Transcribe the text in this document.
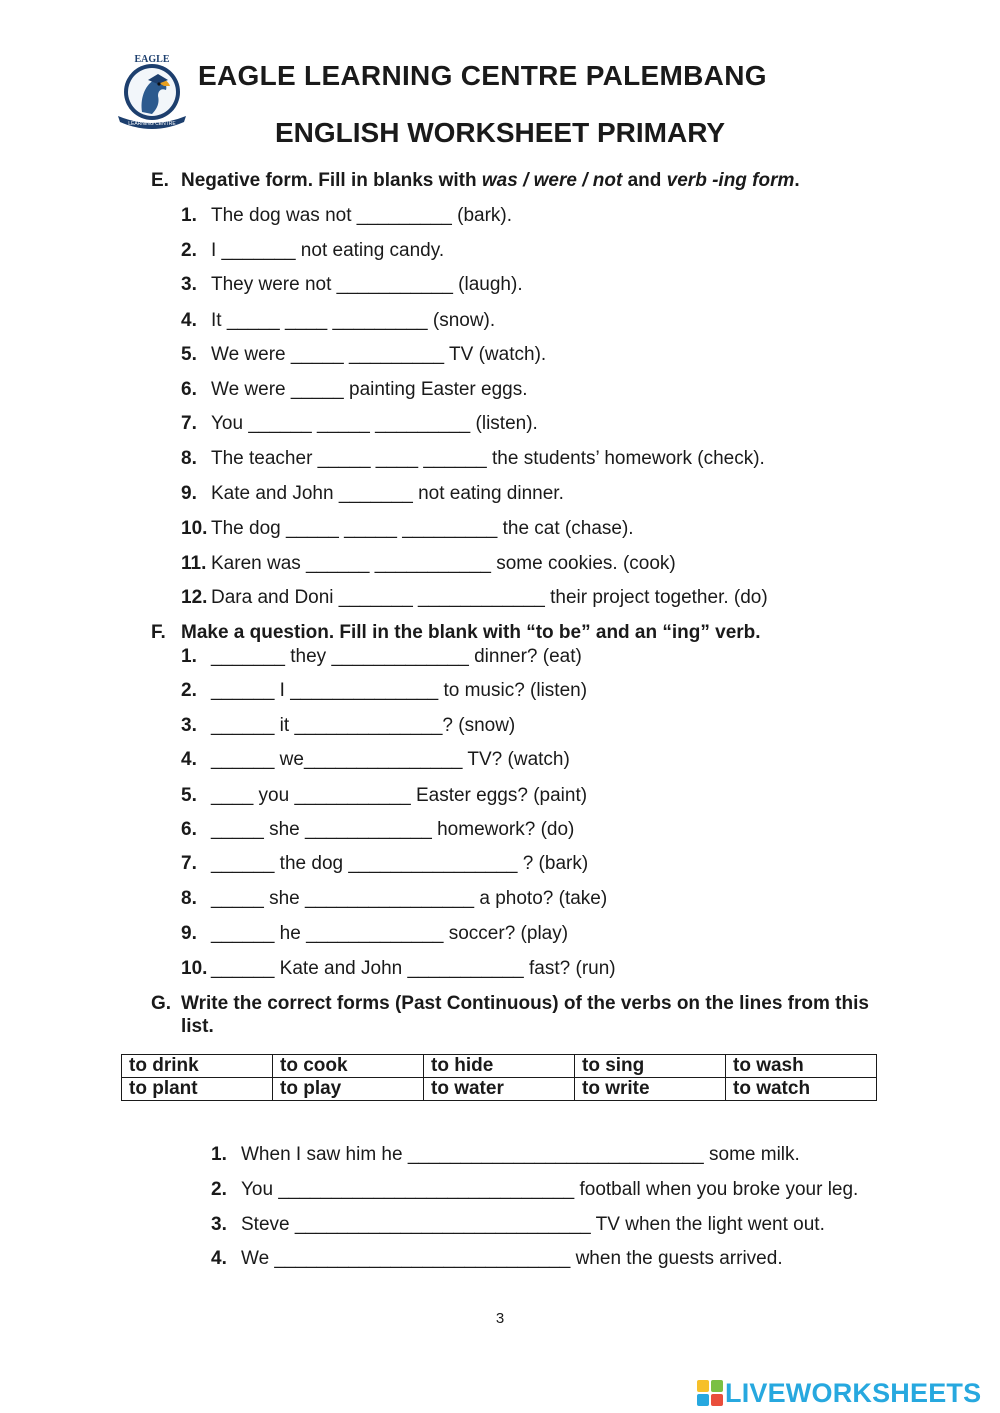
EAGLE
LEARNING CENTRE
EAGLE LEARNING CENTRE PALEMBANG
ENGLISH WORKSHEET PRIMARY
E. Negative form. Fill in blanks with was / were / not and verb -ing form.
1. The dog was not _________ (bark).
2. I _______ not eating candy.
3. They were not ___________ (laugh).
4. It _____ ____ _________ (snow).
5. We were _____ _________ TV (watch).
6. We were _____ painting Easter eggs.
7. You ______ _____ _________ (listen).
8. The teacher _____ ____ ______ the students’ homework (check).
9. Kate and John _______ not eating dinner.
10. The dog _____ _____ _________ the cat (chase).
11. Karen was ______ ___________ some cookies. (cook)
12. Dara and Doni _______ ____________ their project together. (do)
F. Make a question. Fill in the blank with “to be” and an “ing” verb.
1. _______ they _____________ dinner? (eat)
2. ______ I ______________ to music? (listen)
3. ______ it ______________? (snow)
4. ______ we_______________ TV? (watch)
5. ____ you ___________ Easter eggs? (paint)
6. _____ she ____________ homework? (do)
7. ______ the dog ________________ ? (bark)
8. _____ she ________________ a photo? (take)
9. ______ he _____________ soccer? (play)
10. ______ Kate and John ___________ fast? (run)
G. Write the correct forms (Past Continuous) of the verbs on the lines from this list.
to drink	to cook	to hide	to sing	to wash
to plant	to play	to water	to write	to watch
1. When I saw him he ____________________________ some milk.
2. You ____________________________ football when you broke your leg.
3. Steve ____________________________ TV when the light went out.
4. We ____________________________ when the guests arrived.
3
LIVEWORKSHEETS
